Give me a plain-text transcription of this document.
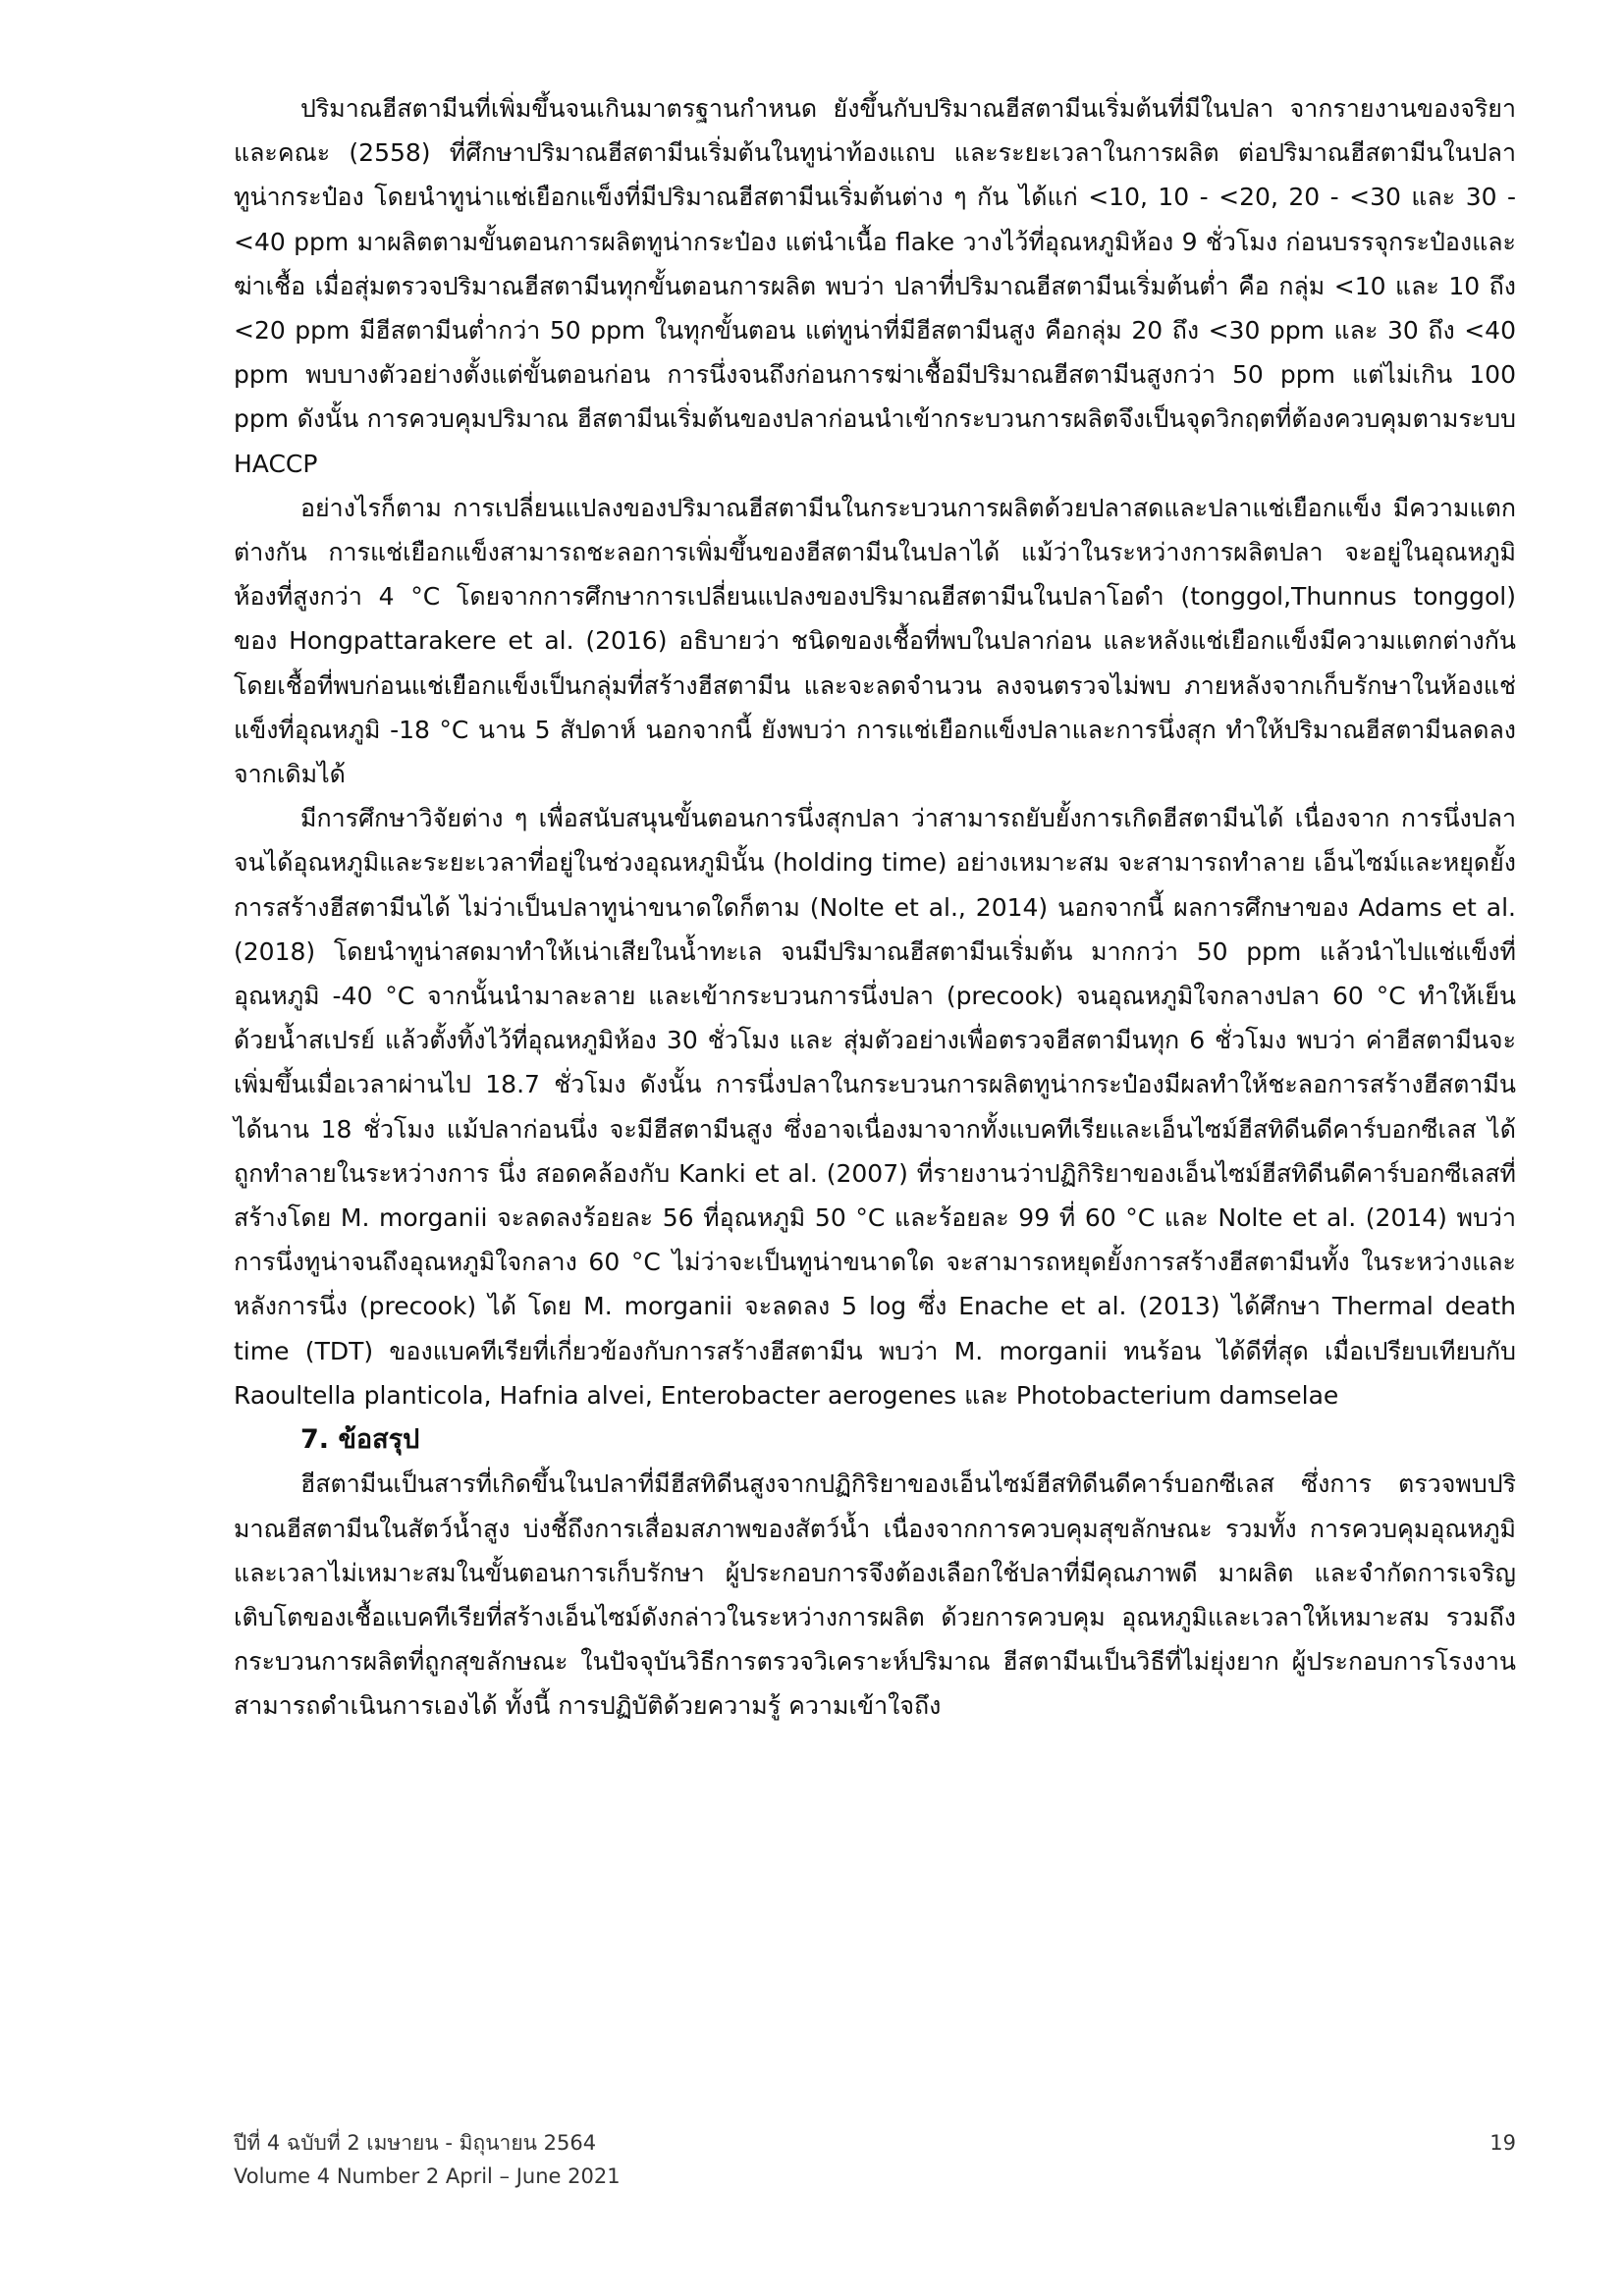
ปริมาณฮีสตามีนที่เพิ่มขึ้นจนเกินมาตรฐานกำหนด ยังขึ้นกับปริมาณฮีสตามีนเริ่มต้นที่มีในปลา จากรายงานของจริยาและคณะ (2558) ที่ศึกษาปริมาณฮีสตามีนเริ่มต้นในทูน่าท้องแถบ และระยะเวลาในการผลิต ต่อปริมาณฮีสตามีนในปลาทูน่ากระป๋อง โดยนำทูน่าแช่เยือกแข็งที่มีปริมาณฮีสตามีนเริ่มต้นต่าง ๆ กัน ได้แก่ <10, 10 - <20, 20 - <30 และ 30 - <40 ppm มาผลิตตามขั้นตอนการผลิตทูน่ากระป๋อง แต่นำเนื้อ flake วางไว้ที่อุณหภูมิห้อง 9 ชั่วโมง ก่อนบรรจุกระป๋องและฆ่าเชื้อ เมื่อสุ่มตรวจปริมาณฮีสตามีนทุกขั้นตอนการผลิต พบว่า ปลาที่ปริมาณฮีสตามีนเริ่มต้นต่ำ คือ กลุ่ม <10 และ 10 ถึง <20 ppm มีฮีสตามีนต่ำกว่า 50 ppm ในทุกขั้นตอน แต่ทูน่าที่มีฮีสตามีนสูง คือกลุ่ม 20 ถึง <30 ppm และ 30 ถึง <40 ppm พบบางตัวอย่างตั้งแต่ขั้นตอนก่อน การนึ่งจนถึงก่อนการฆ่าเชื้อมีปริมาณฮีสตามีนสูงกว่า 50 ppm แต่ไม่เกิน 100 ppm ดังนั้น การควบคุมปริมาณ ฮีสตามีนเริ่มต้นของปลาก่อนนำเข้ากระบวนการผลิตจึงเป็นจุดวิกฤตที่ต้องควบคุมตามระบบ HACCP

อย่างไรก็ตาม การเปลี่ยนแปลงของปริมาณฮีสตามีนในกระบวนการผลิตด้วยปลาสดและปลาแช่เยือกแข็ง มีความแตกต่างกัน การแช่เยือกแข็งสามารถชะลอการเพิ่มขึ้นของฮีสตามีนในปลาได้ แม้ว่าในระหว่างการผลิตปลา จะอยู่ในอุณหภูมิห้องที่สูงกว่า 4 °C โดยจากการศึกษาการเปลี่ยนแปลงของปริมาณฮีสตามีนในปลาโอดำ (tonggol,Thunnus tonggol) ของ Hongpattarakere et al. (2016) อธิบายว่า ชนิดของเชื้อที่พบในปลาก่อน และหลังแช่เยือกแข็งมีความแตกต่างกัน โดยเชื้อที่พบก่อนแช่เยือกแข็งเป็นกลุ่มที่สร้างฮีสตามีน และจะลดจำนวน ลงจนตรวจไม่พบ ภายหลังจากเก็บรักษาในห้องแช่แข็งที่อุณหภูมิ -18 °C นาน 5 สัปดาห์ นอกจากนี้ ยังพบว่า การแช่เยือกแข็งปลาและการนึ่งสุก ทำให้ปริมาณฮีสตามีนลดลงจากเดิมได้

มีการศึกษาวิจัยต่าง ๆ เพื่อสนับสนุนขั้นตอนการนึ่งสุกปลา ว่าสามารถยับยั้งการเกิดฮีสตามีนได้ เนื่องจาก การนึ่งปลาจนได้อุณหภูมิและระยะเวลาที่อยู่ในช่วงอุณหภูมินั้น (holding time) อย่างเหมาะสม จะสามารถทำลาย เอ็นไซม์และหยุดยั้งการสร้างฮีสตามีนได้ ไม่ว่าเป็นปลาทูน่าขนาดใดก็ตาม (Nolte et al., 2014) นอกจากนี้ ผลการศึกษาของ Adams et al. (2018) โดยนำทูน่าสดมาทำให้เน่าเสียในน้ำทะเล จนมีปริมาณฮีสตามีนเริ่มต้น มากกว่า 50 ppm แล้วนำไปแช่แข็งที่อุณหภูมิ -40 °C จากนั้นนำมาละลาย และเข้ากระบวนการนึ่งปลา (precook) จนอุณหภูมิใจกลางปลา 60 °C ทำให้เย็นด้วยน้ำสเปรย์ แล้วตั้งทิ้งไว้ที่อุณหภูมิห้อง 30 ชั่วโมง และ สุ่มตัวอย่างเพื่อตรวจฮีสตามีนทุก 6 ชั่วโมง พบว่า ค่าฮีสตามีนจะเพิ่มขึ้นเมื่อเวลาผ่านไป 18.7 ชั่วโมง ดังนั้น การนึ่งปลาในกระบวนการผลิตทูน่ากระป๋องมีผลทำให้ชะลอการสร้างฮีสตามีนได้นาน 18 ชั่วโมง แม้ปลาก่อนนึ่ง จะมีฮีสตามีนสูง ซึ่งอาจเนื่องมาจากทั้งแบคทีเรียและเอ็นไซม์ฮีสทิดีนดีคาร์บอกซีเลส ได้ถูกทำลายในระหว่างการ นึ่ง สอดคล้องกับ Kanki et al. (2007) ที่รายงานว่าปฏิกิริยาของเอ็นไซม์ฮีสทิดีนดีคาร์บอกซีเลสที่สร้างโดย M. morganii จะลดลงร้อยละ 56 ที่อุณหภูมิ 50 °C และร้อยละ 99 ที่ 60 °C และ Nolte et al. (2014) พบว่า การนึ่งทูน่าจนถึงอุณหภูมิใจกลาง 60 °C ไม่ว่าจะเป็นทูน่าขนาดใด จะสามารถหยุดยั้งการสร้างฮีสตามีนทั้ง ในระหว่างและหลังการนึ่ง (precook) ได้ โดย M. morganii จะลดลง 5 log ซึ่ง Enache et al. (2013) ได้ศึกษา Thermal death time (TDT) ของแบคทีเรียที่เกี่ยวข้องกับการสร้างฮีสตามีน พบว่า M. morganii ทนร้อน ได้ดีที่สุด เมื่อเปรียบเทียบกับ Raoultella planticola, Hafnia alvei, Enterobacter aerogenes และ Photobacterium damselae

7. ข้อสรุป

ฮีสตามีนเป็นสารที่เกิดขึ้นในปลาที่มีฮีสทิดีนสูงจากปฏิกิริยาของเอ็นไซม์ฮีสทิดีนดีคาร์บอกซีเลส ซึ่งการ ตรวจพบปริมาณฮีสตามีนในสัตว์น้ำสูง บ่งชี้ถึงการเสื่อมสภาพของสัตว์น้ำ เนื่องจากการควบคุมสุขลักษณะ รวมทั้ง การควบคุมอุณหภูมิและเวลาไม่เหมาะสมในขั้นตอนการเก็บรักษา ผู้ประกอบการจึงต้องเลือกใช้ปลาที่มีคุณภาพดี มาผลิต และจำกัดการเจริญเติบโตของเชื้อแบคทีเรียที่สร้างเอ็นไซม์ดังกล่าวในระหว่างการผลิต ด้วยการควบคุม อุณหภูมิและเวลาให้เหมาะสม รวมถึงกระบวนการผลิตที่ถูกสุขลักษณะ ในปัจจุบันวิธีการตรวจวิเคราะห์ปริมาณ ฮีสตามีนเป็นวิธีที่ไม่ยุ่งยาก ผู้ประกอบการโรงงานสามารถดำเนินการเองได้ ทั้งนี้ การปฏิบัติด้วยความรู้ ความเข้าใจถึง

ปีที่ 4 ฉบับที่ 2 เมษายน - มิถุนายน 2564
Volume 4 Number 2 April – June 2021
19
